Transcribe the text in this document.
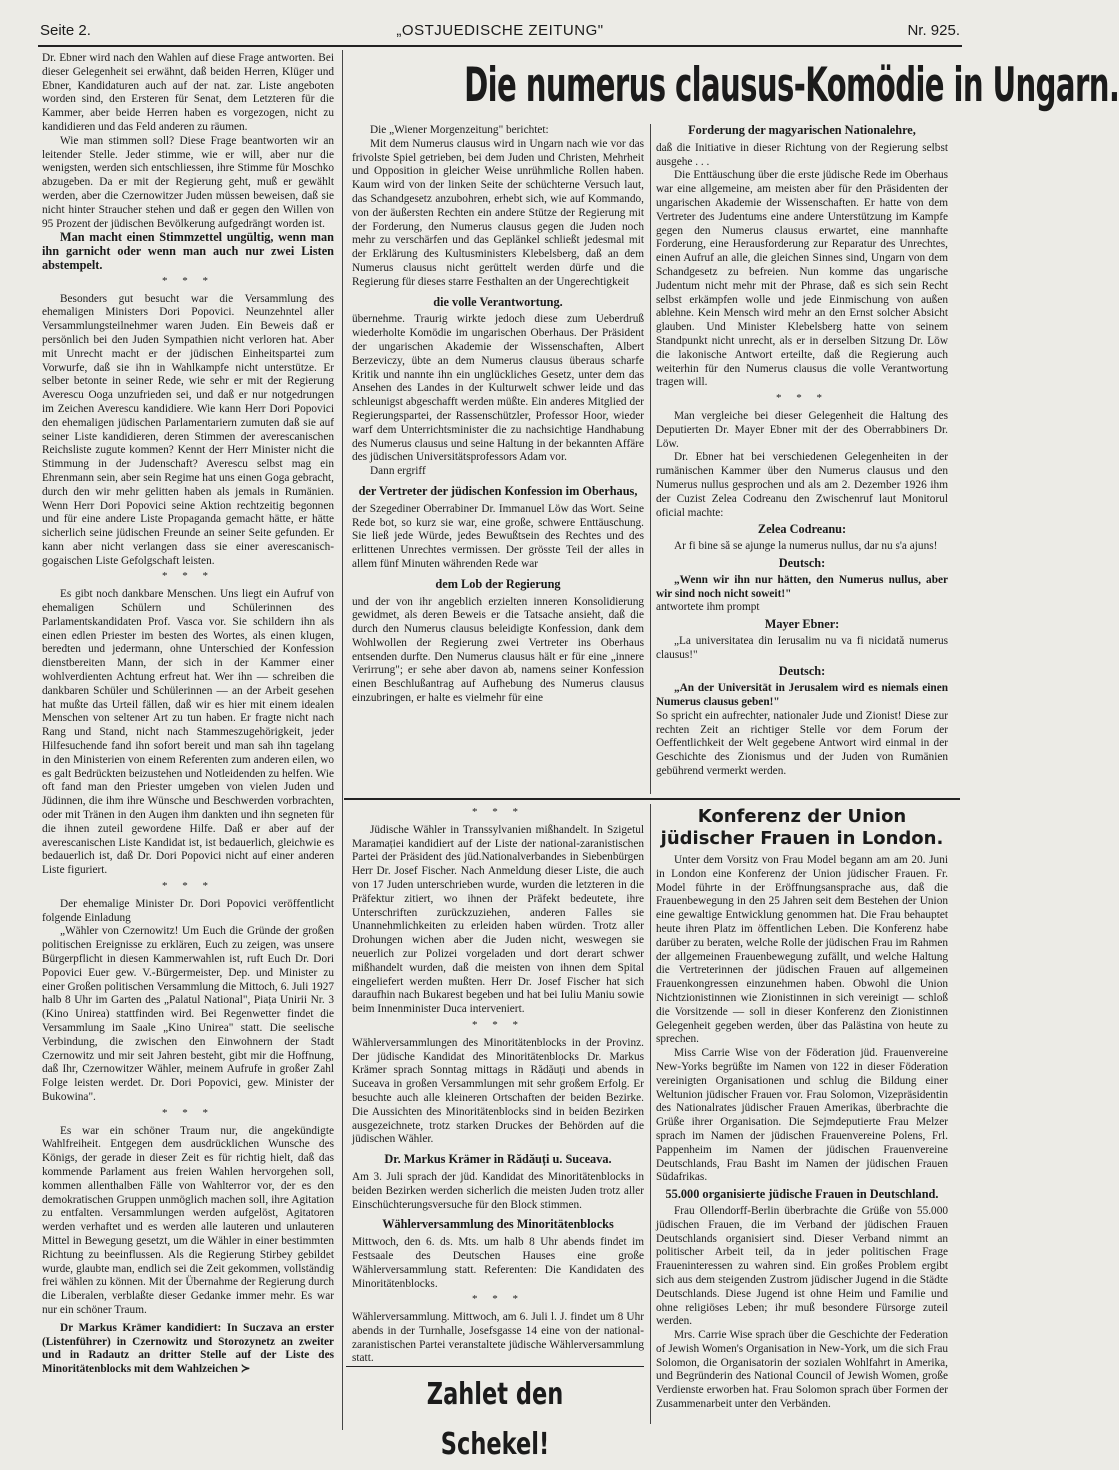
Seite 2.	„OSTJUEDISCHE ZEITUNG"	Nr. 925.

Dr. Ebner wird nach den Wahlen auf diese Frage antworten. Bei dieser Gelegenheit sei erwähnt, daß beiden Herren, Klüger und Ebner, Kandidaturen auch auf der nat. zar. Liste angeboten worden sind, den Ersteren für Senat, dem Letzteren für die Kammer, aber beide Herren haben es vorgezogen, nicht zu kandidieren und das Feld anderen zu räumen.

Wie man stimmen soll? Diese Frage beantworten wir an leitender Stelle. Jeder stimme, wie er will, aber nur die wenigsten, werden sich entschliessen, ihre Stimme für Moschko abzugeben. Da er mit der Regierung geht, muß er gewählt werden, aber die Czernowitzer Juden müssen beweisen, daß sie nicht hinter Straucher stehen und daß er gegen den Willen von 95 Prozent der jüdischen Bevölkerung aufgedrängt worden ist.

Man macht einen Stimmzettel ungültig, wenn man ihn garnicht oder wenn man auch nur zwei Listen abstempelt.

* * *

Besonders gut besucht war die Versammlung des ehemaligen Ministers Dori Popovici. Neunzehntel aller Versammlungsteilnehmer waren Juden. Ein Beweis daß er persönlich bei den Juden Sympathien nicht verloren hat. Aber mit Unrecht macht er der jüdischen Einheitspartei zum Vorwurfe, daß sie ihn in Wahlkampfe nicht unterstütze. Er selber betonte in seiner Rede, wie sehr er mit der Regierung Averescu Ooga unzufrieden sei, und daß er nur notgedrungen im Zeichen Averescu kandidiere. Wie kann Herr Dori Popovici den ehemaligen jüdischen Parlamentariern zumuten daß sie auf seiner Liste kandidieren, deren Stimmen der averescanischen Reichsliste zugute kommen? Kennt der Herr Minister nicht die Stimmung in der Judenschaft? Averescu selbst mag ein Ehrenmann sein, aber sein Regime hat uns einen Goga gebracht, durch den wir mehr gelitten haben als jemals in Rumänien. Wenn Herr Dori Popovici seine Aktion rechtzeitig begonnen und für eine andere Liste Propaganda gemacht hätte, er hätte sicherlich seine jüdischen Freunde an seiner Seite gefunden. Er kann aber nicht verlangen dass sie einer averescanisch-gogaischen Liste Gefolgschaft leisten.

* * *

Es gibt noch dankbare Menschen. Uns liegt ein Aufruf von ehemaligen Schülern und Schülerinnen des Parlamentskandidaten Prof. Vasca vor. Sie schildern ihn als einen edlen Priester im besten des Wortes, als einen klugen, beredten und jedermann, ohne Unterschied der Konfession dienstbereiten Mann, der sich in der Kammer einer wohlverdienten Achtung erfreut hat. Wer ihn — schreiben die dankbaren Schüler und Schülerinnen — an der Arbeit gesehen hat mußte das Urteil fällen, daß wir es hier mit einem idealen Menschen von seltener Art zu tun haben. Er fragte nicht nach Rang und Stand, nicht nach Stammeszugehörigkeit, jeder Hilfesuchende fand ihn sofort bereit und man sah ihn tagelang in den Ministerien von einem Referenten zum anderen eilen, wo es galt Bedrückten beizustehen und Notleidenden zu helfen. Wie oft fand man den Priester umgeben von vielen Juden und Jüdinnen, die ihm ihre Wünsche und Beschwerden vorbrachten, oder mit Tränen in den Augen ihm dankten und ihn segneten für die ihnen zuteil gewordene Hilfe. Daß er aber auf der averescanischen Liste Kandidat ist, ist bedauerlich, gleichwie es bedauerlich ist, daß Dr. Dori Popovici nicht auf einer anderen Liste figuriert.

* * *

Der ehemalige Minister Dr. Dori Popovici veröffentlicht folgende Einladung

„Wähler von Czernowitz! Um Euch die Gründe der großen politischen Ereignisse zu erklären, Euch zu zeigen, was unsere Bürgerpflicht in diesen Kammerwahlen ist, ruft Euch Dr. Dori Popovici Euer gew. V.-Bürgermeister, Dep. und Minister zu einer Großen politischen Versammlung die Mittoch, 6. Juli 1927 halb 8 Uhr im Garten des „Palatul National", Piața Unirii Nr. 3 (Kino Unirea) stattfinden wird. Bei Regenwetter findet die Versammlung im Saale „Kino Unirea" statt. Die seelische Verbindung, die zwischen den Einwohnern der Stadt Czernowitz und mir seit Jahren besteht, gibt mir die Hoffnung, daß Ihr, Czernowitzer Wähler, meinem Aufrufe in großer Zahl Folge leisten werdet. Dr. Dori Popovici, gew. Minister der Bukowina".

* * *

Es war ein schöner Traum nur, die angekündigte Wahlfreiheit. Entgegen dem ausdrücklichen Wunsche des Königs, der gerade in dieser Zeit es für richtig hielt, daß das kommende Parlament aus freien Wahlen hervorgehen soll, kommen allenthalben Fälle von Wahlterror vor, der es den demokratischen Gruppen unmöglich machen soll, ihre Agitation zu entfalten. Versammlungen werden aufgelöst, Agitatoren werden verhaftet und es werden alle lauteren und unlauteren Mittel in Bewegung gesetzt, um die Wähler in einer bestimmten Richtung zu beeinflussen. Als die Regierung Stirbey gebildet wurde, glaubte man, endlich sei die Zeit gekommen, vollständig frei wählen zu können. Mit der Übernahme der Regierung durch die Liberalen, verblaßte dieser Gedanke immer mehr. Es war nur ein schöner Traum.

Dr Markus Krämer kandidiert: In Suczava an erster (Listenführer) in Czernowitz und Storozynetz an zweiter und in Radautz an dritter Stelle auf der Liste des Minoritätenblocks mit dem Wahlzeichen ≻

Die numerus clausus-Komödie in Ungarn.

Die „Wiener Morgenzeitung" berichtet:

Mit dem Numerus clausus wird in Ungarn nach wie vor das frivolste Spiel getrieben, bei dem Juden und Christen, Mehrheit und Opposition in gleicher Weise unrühmliche Rollen haben. Kaum wird von der linken Seite der schüchterne Versuch laut, das Schandgesetz anzubohren, erhebt sich, wie auf Kommando, von der äußersten Rechten ein andere Stütze der Regierung mit der Forderung, den Numerus clausus gegen die Juden noch mehr zu verschärfen und das Geplänkel schließt jedesmal mit der Erklärung des Kultusministers Klebelsberg, daß an dem Numerus clausus nicht gerüttelt werden dürfe und die Regierung für dieses starre Festhalten an der Ungerechtigkeit

die volle Verantwortung.

übernehme. Traurig wirkte jedoch diese zum Ueberdruß wiederholte Komödie im ungarischen Oberhaus. Der Präsident der ungarischen Akademie der Wissenschaften, Albert Berzeviczy, übte an dem Numerus clausus überaus scharfe Kritik und nannte ihn ein unglückliches Gesetz, unter dem das Ansehen des Landes in der Kulturwelt schwer leide und das schleunigst abgeschafft werden müßte. Ein anderes Mitglied der Regierungspartei, der Rassenschützler, Professor Hoor, wieder warf dem Unterrichtsminister die zu nachsichtige Handhabung des Numerus clausus und seine Haltung in der bekannten Affäre des jüdischen Universitätsprofessors Adam vor.

Dann ergriff

der Vertreter der jüdischen Konfession im Oberhaus,

der Szegediner Oberrabiner Dr. Immanuel Löw das Wort. Seine Rede bot, so kurz sie war, eine große, schwere Enttäuschung. Sie ließ jede Würde, jedes Bewußtsein des Rechtes und des erlittenen Unrechtes vermissen. Der grösste Teil der alles in allem fünf Minuten währenden Rede war

dem Lob der Regierung

und der von ihr angeblich erzielten inneren Konsolidierung gewidmet, als deren Beweis er die Tatsache ansieht, daß die durch den Numerus clausus beleidigte Konfession, dank dem Wohlwollen der Regierung zwei Vertreter ins Oberhaus entsenden durfte. Den Numerus clausus hält er für eine „innere Verirrung"; er sehe aber davon ab, namens seiner Konfession einen Beschlußantrag auf Aufhebung des Numerus clausus einzubringen, er halte es vielmehr für eine

Forderung der magyarischen Nationalehre,

daß die Initiative in dieser Richtung von der Regierung selbst ausgehe . . .

Die Enttäuschung über die erste jüdische Rede im Oberhaus war eine allgemeine, am meisten aber für den Präsidenten der ungarischen Akademie der Wissenschaften. Er hatte von dem Vertreter des Judentums eine andere Unterstützung im Kampfe gegen den Numerus clausus erwartet, eine mannhafte Forderung, eine Herausforderung zur Reparatur des Unrechtes, einen Aufruf an alle, die gleichen Sinnes sind, Ungarn von dem Schandgesetz zu befreien. Nun komme das ungarische Judentum nicht mehr mit der Phrase, daß es sich sein Recht selbst erkämpfen wolle und jede Einmischung von außen ablehne. Kein Mensch wird mehr an den Ernst solcher Absicht glauben. Und Minister Klebelsberg hatte von seinem Standpunkt nicht unrecht, als er in derselben Sitzung Dr. Löw die lakonische Antwort erteilte, daß die Regierung auch weiterhin für den Numerus clausus die volle Verantwortung tragen will.

* * *

Man vergleiche bei dieser Gelegenheit die Haltung des Deputierten Dr. Mayer Ebner mit der des Oberrabbiners Dr. Löw.

Dr. Ebner hat bei verschiedenen Gelegenheiten in der rumänischen Kammer über den Numerus clausus und den Numerus nullus gesprochen und als am 2. Dezember 1926 ihm der Cuzist Zelea Codreanu den Zwischenruf laut Monitorul oficial machte:

Zelea Codreanu:

Ar fi bine să se ajunge la numerus nullus, dar nu s'a ajuns!

Deutsch:

„Wenn wir ihn nur hätten, den Numerus nullus, aber wir sind noch nicht soweit!"

antwortete ihm prompt

Mayer Ebner:

„La universitatea din Ierusalim nu va fi nicidată numerus clausus!"

Deutsch:

„An der Universität in Jerusalem wird es niemals einen Numerus clausus geben!"

So spricht ein aufrechter, nationaler Jude und Zionist! Diese zur rechten Zeit an richtiger Stelle vor dem Forum der Oeffentlichkeit der Welt gegebene Antwort wird einmal in der Geschichte des Zionismus und der Juden von Rumänien gebührend vermerkt werden.

* * *

Jüdische Wähler in Transsylvanien mißhandelt. In Szigetul Maramației kandidiert auf der Liste der national-zaranistischen Partei der Präsident des jüd.Nationalverbandes in Siebenbürgen Herr Dr. Josef Fischer. Nach Anmeldung dieser Liste, die auch von 17 Juden unterschrieben wurde, wurden die letzteren in die Präfektur zitiert, wo ihnen der Präfekt bedeutete, ihre Unterschriften zurückzuziehen, anderen Falles sie Unannehmlichkeiten zu erleiden haben würden. Trotz aller Drohungen wichen aber die Juden nicht, weswegen sie neuerlich zur Polizei vorgeladen und dort derart schwer mißhandelt wurden, daß die meisten von ihnen dem Spital eingeliefert werden mußten. Herr Dr. Josef Fischer hat sich daraufhin nach Bukarest begeben und hat bei Iuliu Maniu sowie beim Innenminister Duca interveniert.

* * *

Wählerversammlungen des Minoritätenblocks in der Provinz. Der jüdische Kandidat des Minoritätenblocks Dr. Markus Krämer sprach Sonntag mittags in Rădăuți und abends in Suceava in großen Versammlungen mit sehr großem Erfolg. Er besuchte auch alle kleineren Ortschaften der beiden Bezirke. Die Aussichten des Minoritätenblocks sind in beiden Bezirken ausgezeichnete, trotz starken Druckes der Behörden auf die jüdischen Wähler.

Dr. Markus Krämer in Rădăuți u. Suceava.

Am 3. Juli sprach der jüd. Kandidat des Minoritätenblocks in beiden Bezirken werden sicherlich die meisten Juden trotz aller Einschüchterungsversuche für den Block stimmen.

Wählerversammlung des Minoritätenblocks

Mittwoch, den 6. ds. Mts. um halb 8 Uhr abends findet im Festsaale des Deutschen Hauses eine große Wählerversammlung statt. Referenten: Die Kandidaten des Minoritätenblocks.

* * *

Wählerversammlung. Mittwoch, am 6. Juli l. J. findet um 8 Uhr abends in der Turnhalle, Josefsgasse 14 eine von der national-zaranistischen Partei veranstaltete jüdische Wählerversammlung statt.

Zahlet den Schekel!
Konferenz der Union jüdischer Frauen in London.

Unter dem Vorsitz von Frau Model begann am am 20. Juni in London eine Konferenz der Union jüdischer Frauen. Fr. Model führte in der Eröffnungsansprache aus, daß die Frauenbewegung in den 25 Jahren seit dem Bestehen der Union eine gewaltige Entwicklung genommen hat. Die Frau behauptet heute ihren Platz im öffentlichen Leben. Die Konferenz habe darüber zu beraten, welche Rolle der jüdischen Frau im Rahmen der allgemeinen Frauenbewegung zufällt, und welche Haltung die Vertreterinnen der jüdischen Frauen auf allgemeinen Frauenkongressen einzunehmen haben. Obwohl die Union Nichtzionistinnen wie Zionistinnen in sich vereinigt — schloß die Vorsitzende — soll in dieser Konferenz den Zionistinnen Gelegenheit gegeben werden, über das Palästina von heute zu sprechen.

Miss Carrie Wise von der Föderation jüd. Frauenvereine New-Yorks begrüßte im Namen von 122 in dieser Föderation vereinigten Organisationen und schlug die Bildung einer Weltunion jüdischer Frauen vor. Frau Solomon, Vizepräsidentin des Nationalrates jüdischer Frauen Amerikas, überbrachte die Grüße ihrer Organisation. Die Sejmdeputierte Frau Melzer sprach im Namen der jüdischen Frauenvereine Polens, Frl. Pappenheim im Namen der jüdischen Frauenvereine Deutschlands, Frau Basht im Namen der jüdischen Frauen Südafrikas.

55.000 organisierte jüdische Frauen in Deutschland.

Frau Ollendorff-Berlin überbrachte die Grüße von 55.000 jüdischen Frauen, die im Verband der jüdischen Frauen Deutschlands organisiert sind. Dieser Verband nimmt an politischer Arbeit teil, da in jeder politischen Frage Fraueninteressen zu wahren sind. Ein großes Problem ergibt sich aus dem steigenden Zustrom jüdischer Jugend in die Städte Deutschlands. Diese Jugend ist ohne Heim und Familie und ohne religiöses Leben; ihr muß besondere Fürsorge zuteil werden.

Mrs. Carrie Wise sprach über die Geschichte der Federation of Jewish Women's Organisation in New-York, um die sich Frau Solomon, die Organisatorin der sozialen Wohlfahrt in Amerika, und Begründerin des National Council of Jewish Women, große Verdienste erworben hat. Frau Solomon sprach über Formen der Zusammenarbeit unter den Verbänden.
